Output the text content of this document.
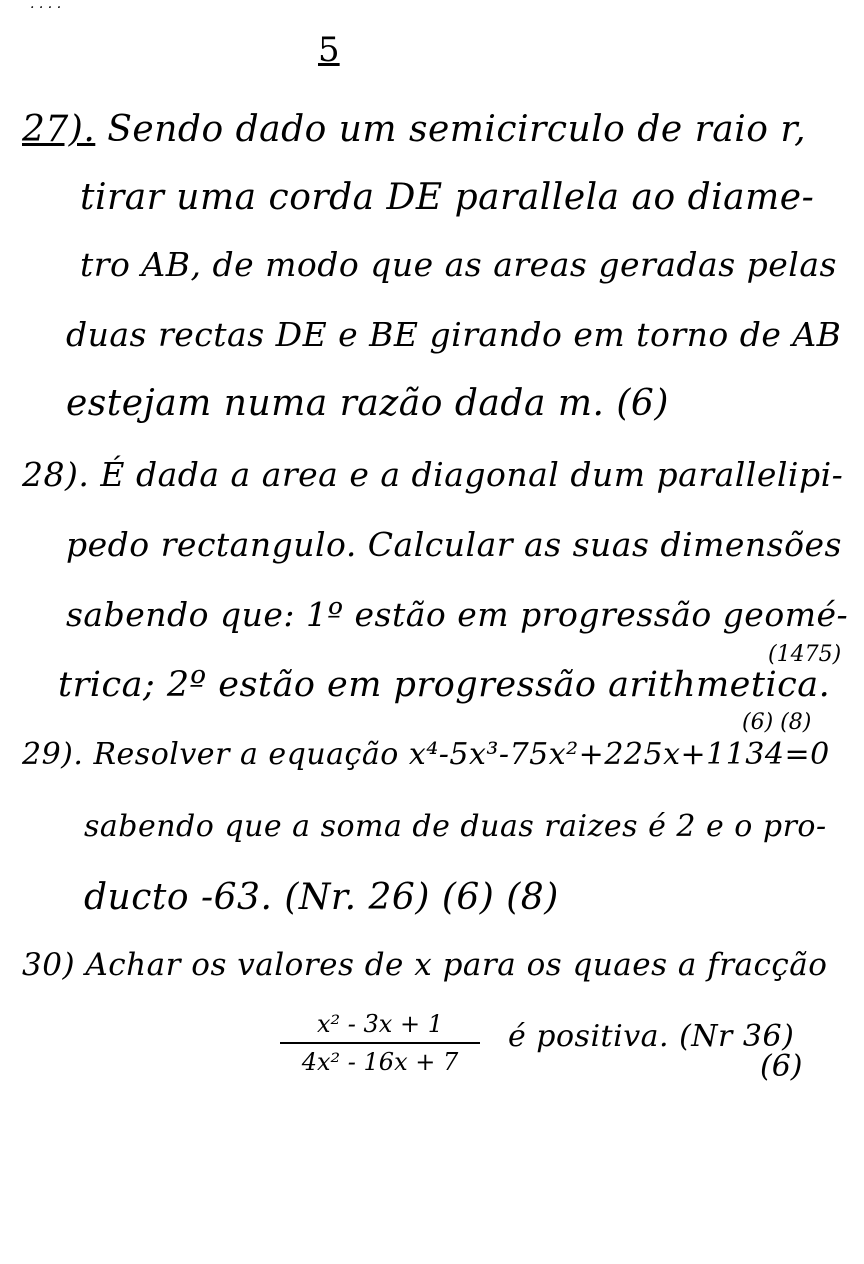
· · · ·
5
27). Sendo dado um semicirculo de raio r,
tirar uma corda DE parallela ao diame-
tro AB, de modo que as areas geradas pelas
duas rectas DE e BE girando em torno de AB
estejam numa razão dada m. (6)
28). É dada a area e a diagonal dum parallelipi-
pedo rectangulo. Calcular as suas dimensões
sabendo que: 1º estão em progressão geomé-
(1475)
trica; 2º estão em progressão arithmetica.
(6) (8)
29). Resolver a equação x⁴-5x³-75x²+225x+1134=0
sabendo que a soma de duas raizes é 2 e o pro-
ducto -63. (Nr. 26) (6) (8)
30) Achar os valores de x para os quaes a fracção
x² - 3x + 1
4x² - 16x + 7
é positiva. (Nr 36)
(6)
